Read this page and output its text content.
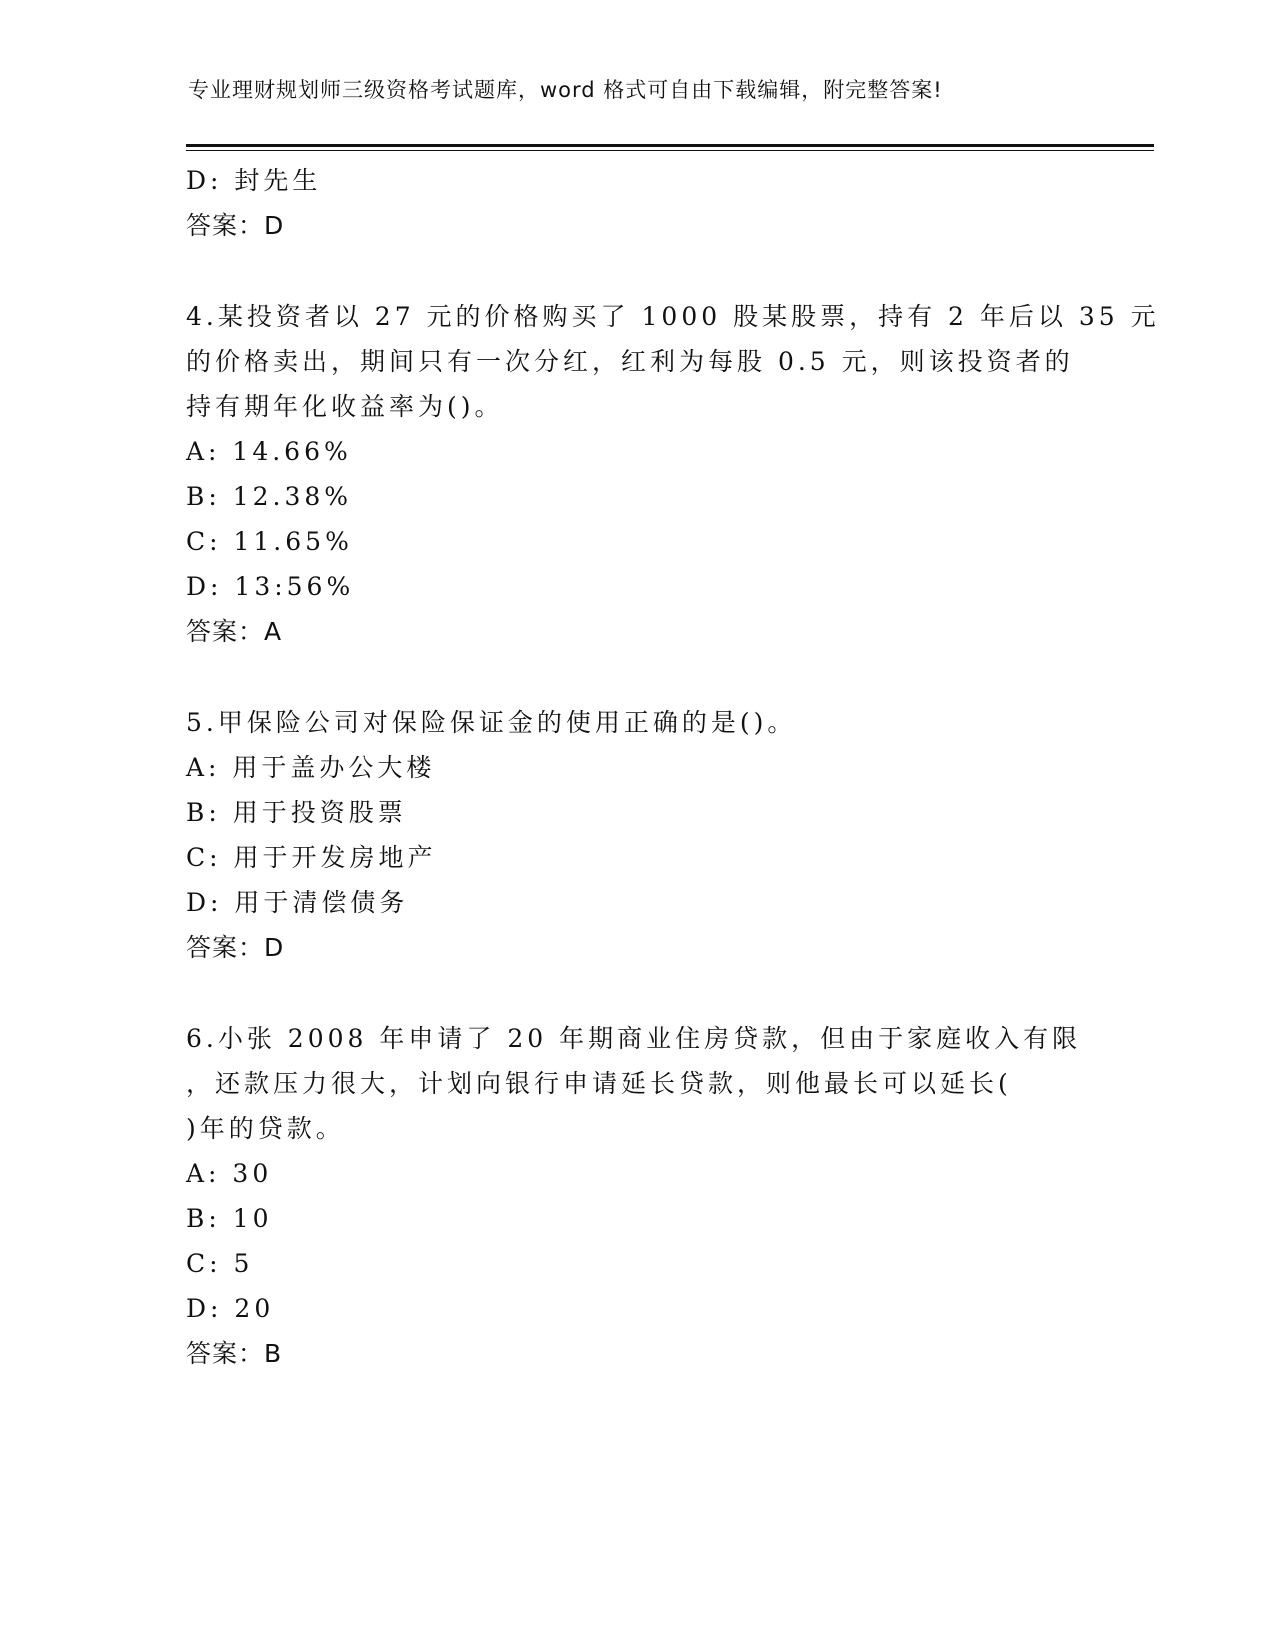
专业理财规划师三级资格考试题库，word 格式可自由下载编辑，附完整答案!
D: 封先生
答案：D
4.某投资者以 27 元的价格购买了 1000 股某股票，持有 2 年后以 35 元
的价格卖出，期间只有一次分红，红利为每股 0.5 元，则该投资者的
持有期年化收益率为()。
A: 14.66%
B: 12.38%
C: 11.65%
D: 13:56%
答案：A
5.甲保险公司对保险保证金的使用正确的是()。
A: 用于盖办公大楼
B: 用于投资股票
C: 用于开发房地产
D: 用于清偿债务
答案：D
6.小张 2008 年申请了 20 年期商业住房贷款，但由于家庭收入有限
，还款压力很大，计划向银行申请延长贷款，则他最长可以延长(
)年的贷款。
A: 30
B: 10
C: 5
D: 20
答案：B
